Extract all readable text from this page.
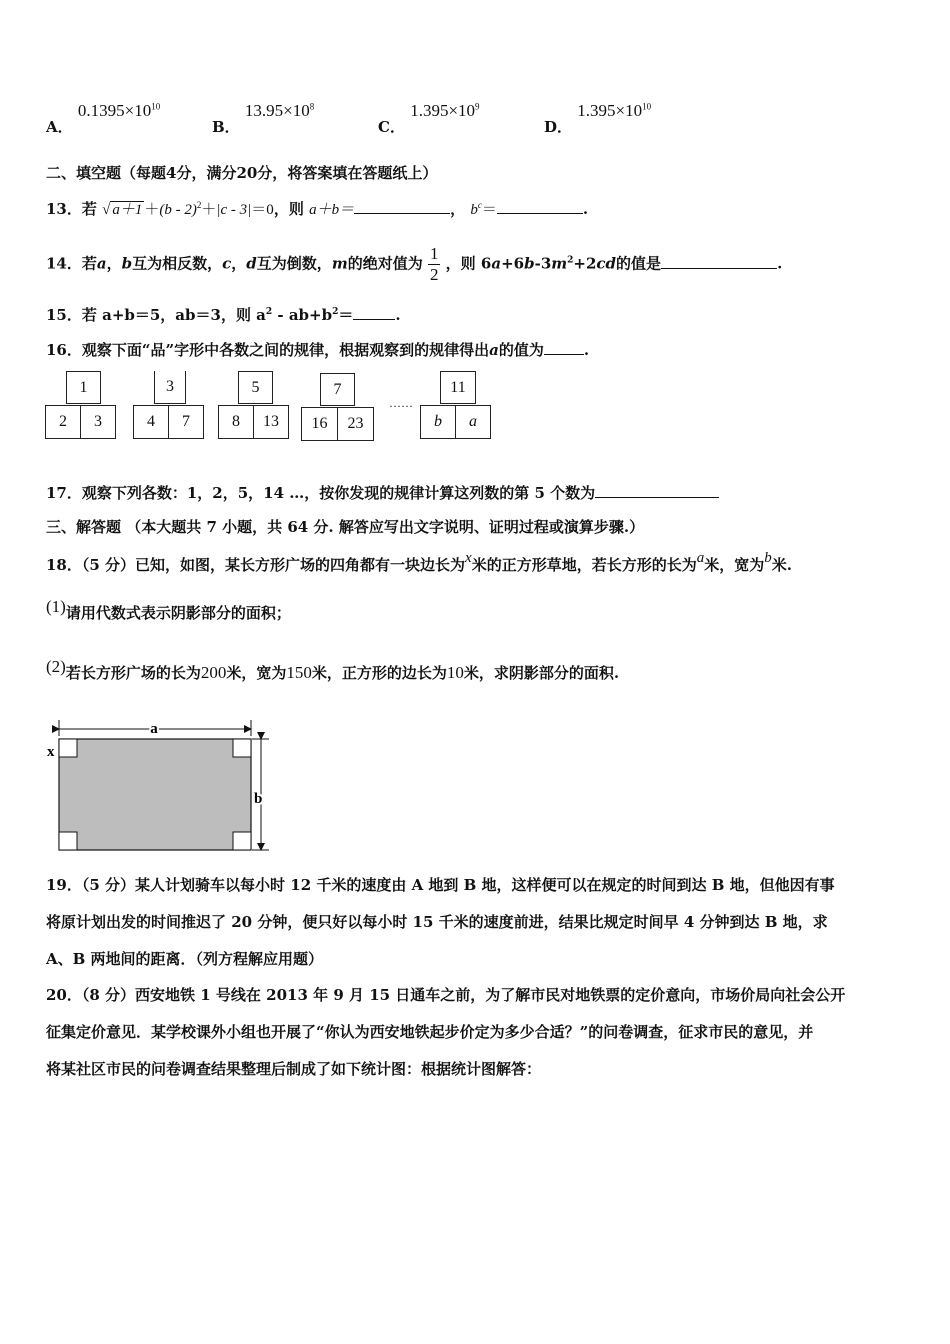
A． $0.1395\times 10^{10}$
B． $13.95\times 10^8$
C． $1.395\times 10^9$
D． $1.395\times 10^{10}$
二、填空题（每题4分，满分20分，将答案填在答题纸上）
13．若 √ a＋1 ＋(b - 2)$^2$＋|c - 3|＝0，则 a＋b＝	， $b^c=$	.
14．若a，b互为相反数，c，d互为倒数，m的绝对值为 $\frac{1}{2}$ ，则 $6a+6b-3m^2+2cd$的值是	.
15．若 a+b＝5，ab＝3，则 $a^2 - ab+b^2=$	.
16．观察下面“品”字形中各数之间的规律，根据观察到的规律得出a的值为	.
1
2	3
3
4	7
5
8	13
7
16	23
……
11
b	a
17．观察下列各数：1，2，5，14 …，按你发现的规律计算这列数的第 5 个数为
三、解答题 （本大题共 7 小题，共 64 分. 解答应写出文字说明、证明过程或演算步骤.）
18．（5 分）已知，如图，某长方形广场的四角都有一块边长为x米的正方形草地，若长方形的长为a米，宽为b米.
(1)请用代数式表示阴影部分的面积；
(2)若长方形广场的长为200米，宽为150米，正方形的边长为10米，求阴影部分的面积.
a
b
x
19．（5 分）某人计划骑车以每小时 12 千米的速度由 A 地到 B 地，这样便可以在规定的时间到达 B 地，但他因有事
将原计划出发的时间推迟了 20 分钟，便只好以每小时 15 千米的速度前进，结果比规定时间早 4 分钟到达 B 地，求
A、B 两地间的距离．（列方程解应用题）
20．（8 分）西安地铁 1 号线在 2013 年 9 月 15 日通车之前，为了解市民对地铁票的定价意向，市场价局向社会公开
征集定价意见．某学校课外小组也开展了“你认为西安地铁起步价定为多少合适？”的问卷调查，征求市民的意见，并
将某社区市民的问卷调查结果整理后制成了如下统计图：根据统计图解答：
